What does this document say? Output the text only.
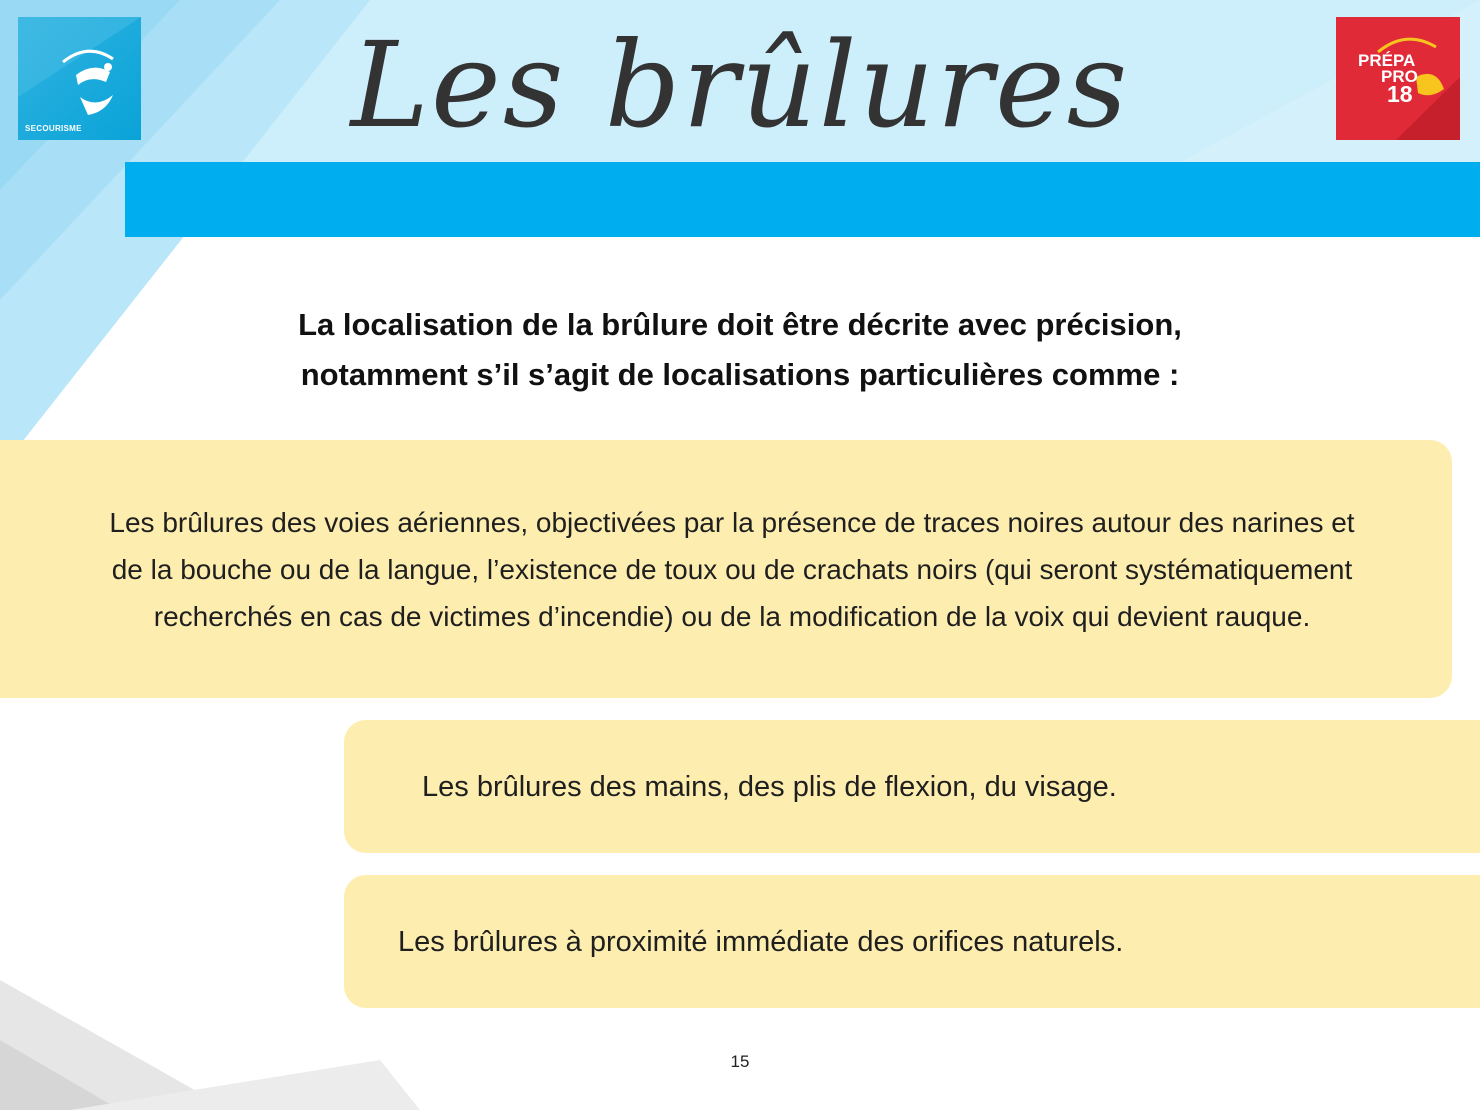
SECOURISME
PRÉPA
PRO
18
Les brûlures
La localisation de la brûlure doit être décrite avec précision,
notamment s’il s’agit de localisations particulières comme :
Les brûlures des voies aériennes, objectivées par la présence de traces noires autour des narines et
de la bouche ou de la langue, l’existence de toux ou de crachats noirs (qui seront systématiquement
recherchés en cas de victimes d’incendie) ou de la modification de la voix qui devient rauque.
Les brûlures des mains, des plis de flexion, du visage.
Les brûlures à proximité immédiate des orifices naturels.
15
